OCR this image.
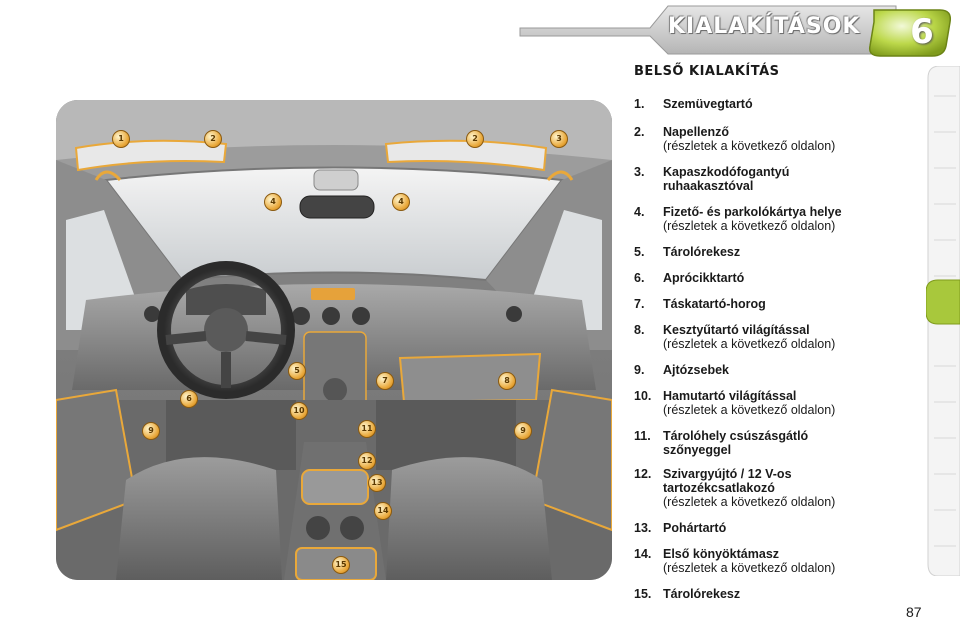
KIALAKÍTÁSOK	6
1	2	2	3
4	4
5
6
7	8
9	9
10
11
12
13
14
15
BELSŐ KIALAKÍTÁS
1. Szemüvegtartó
2. Napellenző
(részletek a következő oldalon)
3. Kapaszkodófogantyú
ruhaakasztóval
4. Fizető- és parkolókártya helye
(részletek a következő oldalon)
5. Tárolórekesz
6. Aprócikktartó
7. Táskatartó-horog
8. Kesztyűtartó világítással
(részletek a következő oldalon)
9. Ajtózsebek
10. Hamutartó világítással
(részletek a következő oldalon)
11. Tárolóhely csúszásgátló
szőnyeggel
12. Szivargyújtó / 12 V-os
tartozékcsatlakozó
(részletek a következő oldalon)
13. Pohártartó
14. Első könyöktámasz
(részletek a következő oldalon)
15. Tárolórekesz
87
